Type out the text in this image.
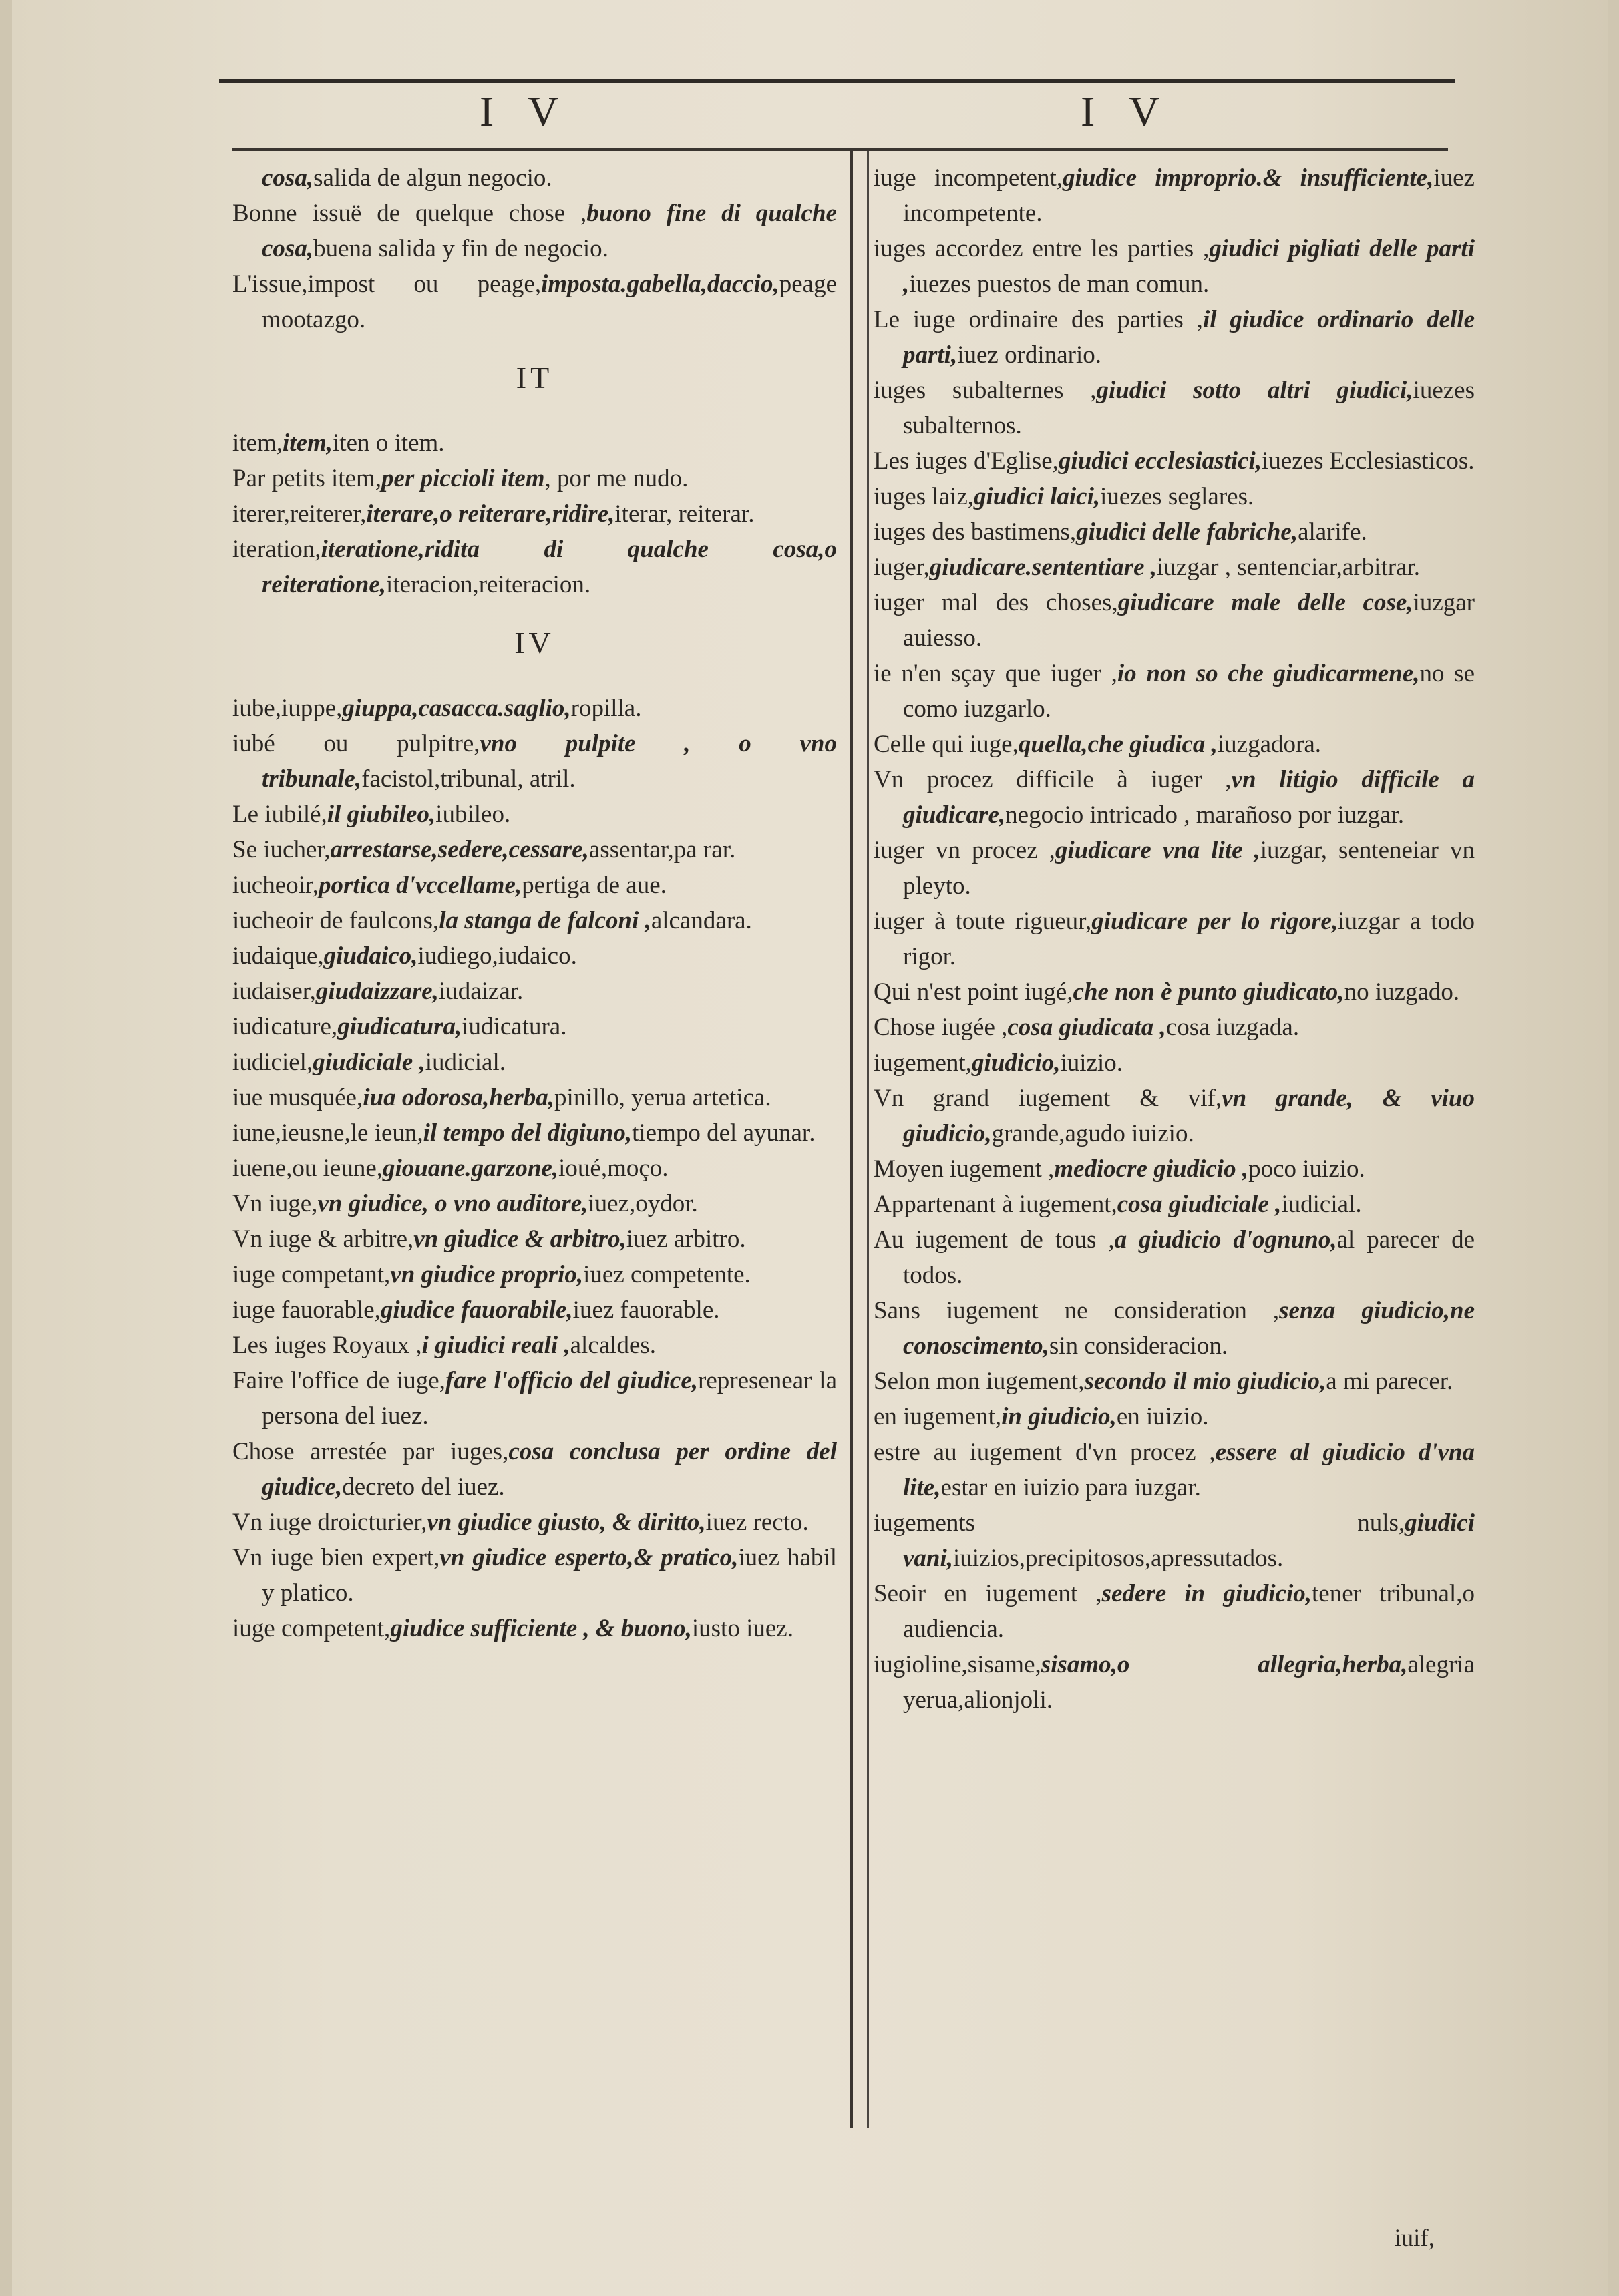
I V	I V
cosa,salida de algun negocio.
Bonne issuë de quelque chose ,buono fine di qualche cosa,buena salida y fin de negocio.
L'issue,impost ou peage,imposta.gabella,daccio,peage mootazgo.
IT
item,item,iten o item.
Par petits item,per piccioli item, por me nudo.
iterer,reiterer,iterare,o reiterare,ridire,iterar, reiterar.
iteration,iteratione,ridita di qualche cosa,o reiteratione,iteracion,reiteracion.
IV
iube,iuppe,giuppa,casacca.saglio,ropilla.
iubé ou pulpitre,vno pulpite , o vno tribunale,facistol,tribunal, atril.
Le iubilé,il giubileo,iubileo.
Se iucher,arrestarse,sedere,cessare,assentar,pa rar.
iucheoir,portica d'vccellame,pertiga de aue.
iucheoir de faulcons,la stanga de falconi ,alcandara.
iudaique,giudaico,iudiego,iudaico.
iudaiser,giudaizzare,iudaizar.
iudicature,giudicatura,iudicatura.
iudiciel,giudiciale ,iudicial.
iue musquée,iua odorosa,herba,pinillo, yerua artetica.
iune,ieusne,le ieun,il tempo del digiuno,tiempo del ayunar.
iuene,ou ieune,giouane.garzone,ioué,moço.
Vn iuge,vn giudice, o vno auditore,iuez,oydor.
Vn iuge & arbitre,vn giudice & arbitro,iuez arbitro.
iuge competant,vn giudice proprio,iuez competente.
iuge fauorable,giudice fauorabile,iuez fauorable.
Les iuges Royaux ,i giudici reali ,alcaldes.
Faire l'office de iuge,fare l'officio del giudice,represenear la persona del iuez.
Chose arrestée par iuges,cosa conclusa per ordine del giudice,decreto del iuez.
Vn iuge droicturier,vn giudice giusto, & diritto,iuez recto.
Vn iuge bien expert,vn giudice esperto,& pratico,iuez habil y platico.
iuge competent,giudice sufficiente , & buono,iusto iuez.
iuge incompetent,giudice improprio.& insufficiente,iuez incompetente.
iuges accordez entre les parties ,giudici pigliati delle parti ,iuezes puestos de man comun.
Le iuge ordinaire des parties ,il giudice ordinario delle parti,iuez ordinario.
iuges subalternes ,giudici sotto altri giudici,iuezes subalternos.
Les iuges d'Eglise,giudici ecclesiastici,iuezes Ecclesiasticos.
iuges laiz,giudici laici,iuezes seglares.
iuges des bastimens,giudici delle fabriche,alarife.
iuger,giudicare.sententiare ,iuzgar , sentenciar,arbitrar.
iuger mal des choses,giudicare male delle cose,iuzgar auiesso.
ie n'en sçay que iuger ,io non so che giudicarmene,no se como iuzgarlo.
Celle qui iuge,quella,che giudica ,iuzgadora.
Vn procez difficile à iuger ,vn litigio difficile a giudicare,negocio intricado , marañoso por iuzgar.
iuger vn procez ,giudicare vna lite ,iuzgar, senteneiar vn pleyto.
iuger à toute rigueur,giudicare per lo rigore,iuzgar a todo rigor.
Qui n'est point iugé,che non è punto giudicato,no iuzgado.
Chose iugée ,cosa giudicata ,cosa iuzgada.
iugement,giudicio,iuizio.
Vn grand iugement & vif,vn grande, & viuo giudicio,grande,agudo iuizio.
Moyen iugement ,mediocre giudicio ,poco iuizio.
Appartenant à iugement,cosa giudiciale ,iudicial.
Au iugement de tous ,a giudicio d'ognuno,al parecer de todos.
Sans iugement ne consideration ,senza giudicio,ne conoscimento,sin consideracion.
Selon mon iugement,secondo il mio giudicio,a mi parecer.
en iugement,in giudicio,en iuizio.
estre au iugement d'vn procez ,essere al giudicio d'vna lite,estar en iuizio para iuzgar.
iugements nuls,giudici vani,iuizios,precipitosos,apressutados.
Seoir en iugement ,sedere in giudicio,tener tribunal,o audiencia.
iugioline,sisame,sisamo,o allegria,herba,alegria yerua,alionjoli.
iuif,
